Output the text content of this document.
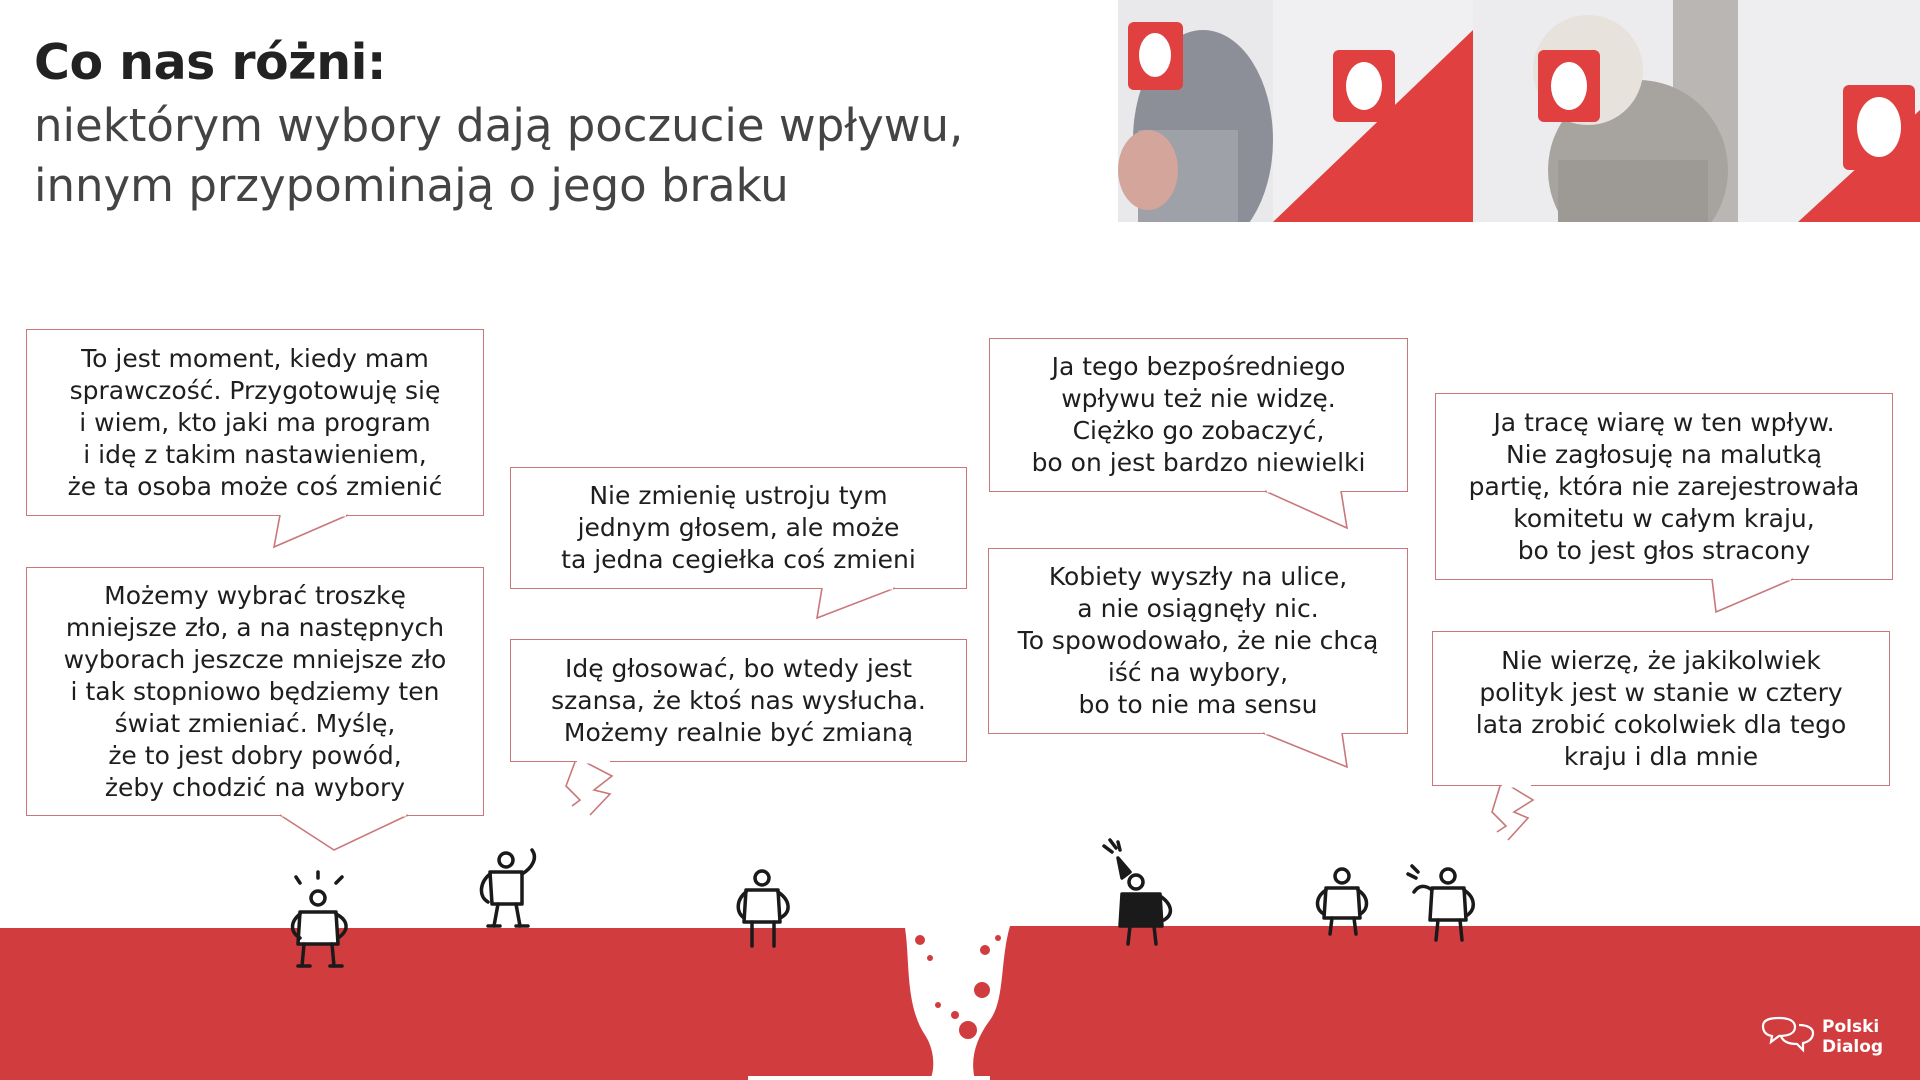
Co nas różni:
niektórym wybory dają poczucie wpływu,
innym przypominają o jego braku
To jest moment, kiedy mam
sprawczość. Przygotowuję się
i wiem, kto jaki ma program
i idę z takim nastawieniem,
że ta osoba może coś zmienić
Możemy wybrać troszkę
mniejsze zło, a na następnych
wyborach jeszcze mniejsze zło
i tak stopniowo będziemy ten
świat zmieniać. Myślę,
że to jest dobry powód,
żeby chodzić na wybory
Nie zmienię ustroju tym
jednym głosem, ale może
ta jedna cegiełka coś zmieni
Idę głosować, bo wtedy jest
szansa, że ktoś nas wysłucha.
Możemy realnie być zmianą
Ja tego bezpośredniego
wpływu też nie widzę.
Ciężko go zobaczyć,
bo on jest bardzo niewielki
Kobiety wyszły na ulice,
a nie osiągnęły nic.
To spowodowało, że nie chcą
iść na wybory,
bo to nie ma sensu
Ja tracę wiarę w ten wpływ.
Nie zagłosuję na malutką
partię, która nie zarejestrowała
komitetu w całym kraju,
bo to jest głos stracony
Nie wierzę, że jakikolwiek
polityk jest w stanie w cztery
lata zrobić cokolwiek dla tego
kraju i dla mnie
Polski
Dialog
